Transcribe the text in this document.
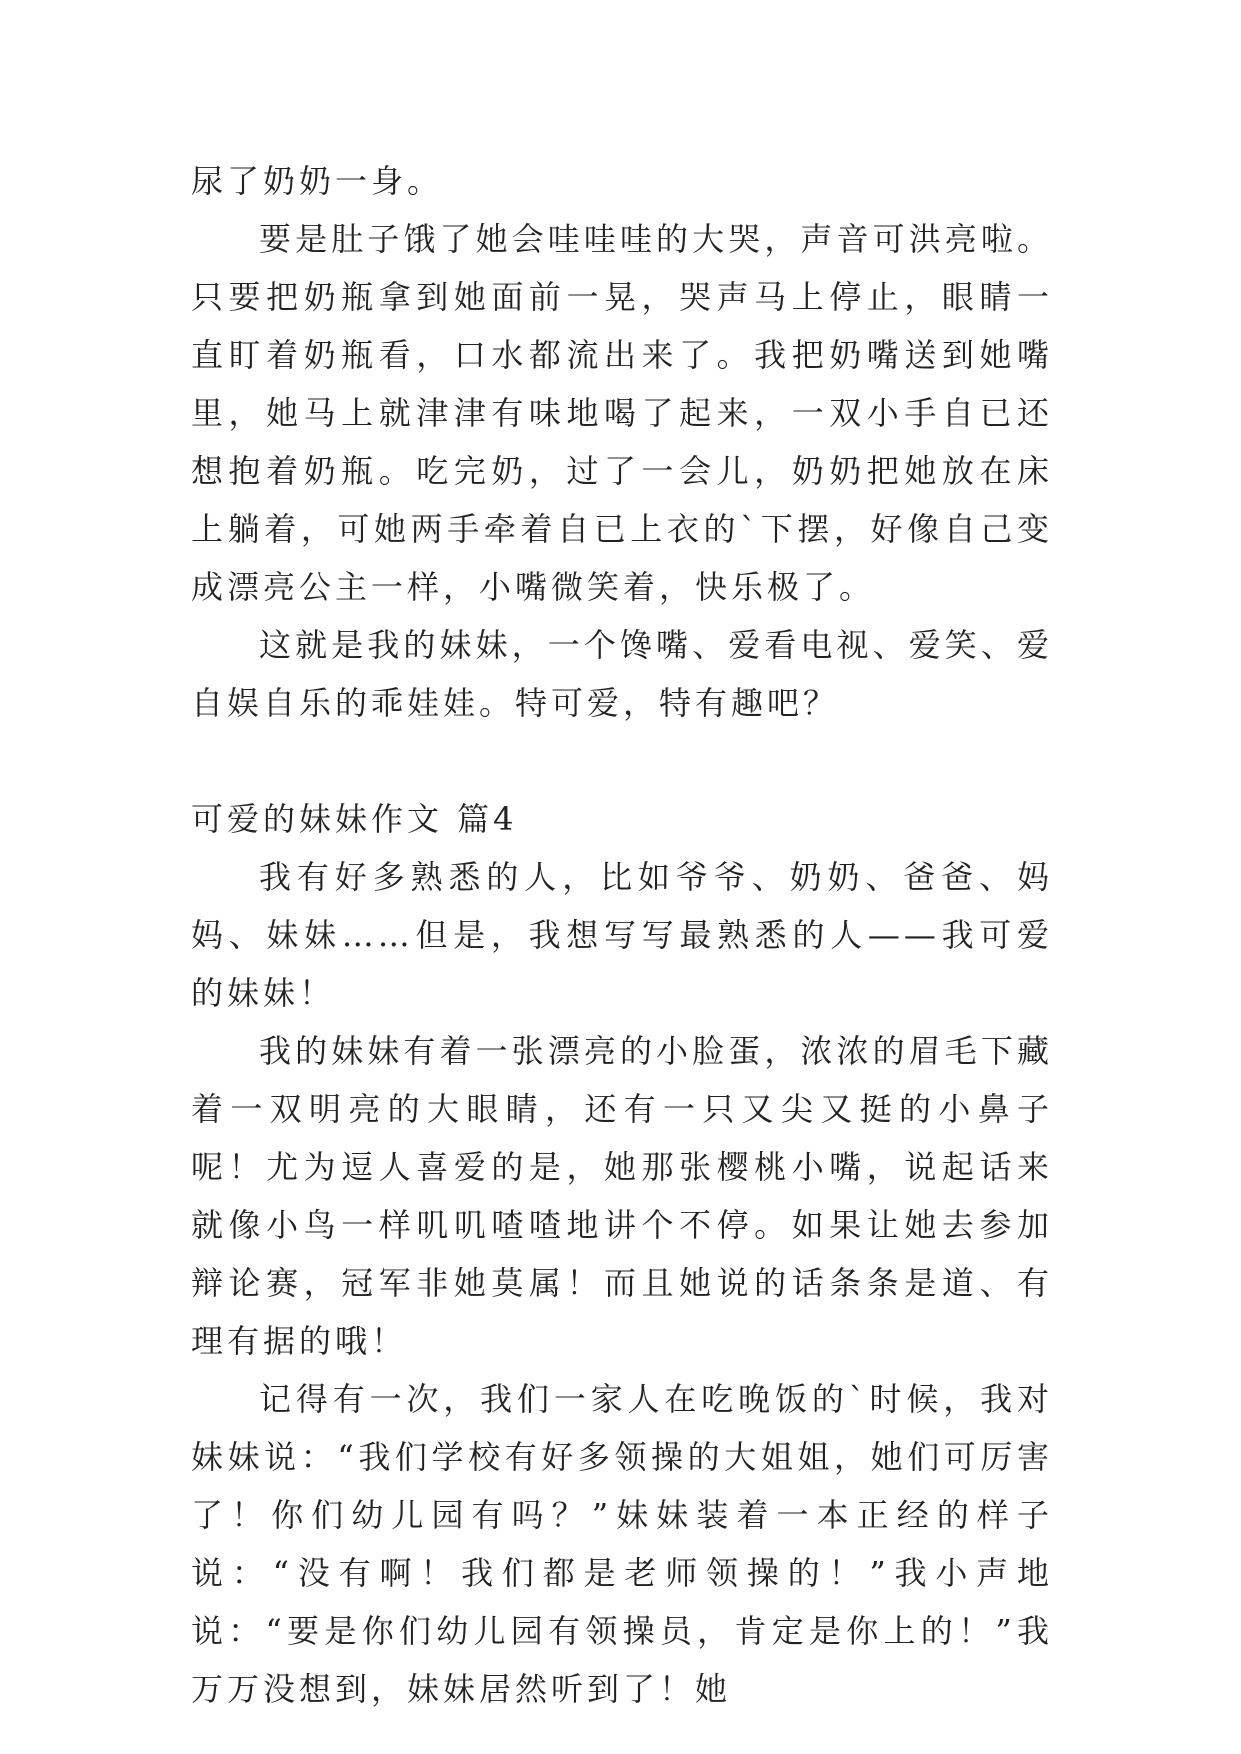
尿了奶奶一身。

要是肚子饿了她会哇哇哇的大哭，声音可洪亮啦。只要把奶瓶拿到她面前一晃，哭声马上停止，眼睛一直盯着奶瓶看，口水都流出来了。我把奶嘴送到她嘴里，她马上就津津有味地喝了起来，一双小手自已还想抱着奶瓶。吃完奶，过了一会儿，奶奶把她放在床上躺着，可她两手牵着自已上衣的`下摆，好像自己变成漂亮公主一样，小嘴微笑着，快乐极了。

这就是我的妹妹，一个馋嘴、爱看电视、爱笑、爱自娱自乐的乖娃娃。特可爱，特有趣吧？

可爱的妹妹作文 篇4

我有好多熟悉的人，比如爷爷、奶奶、爸爸、妈妈、妹妹……但是，我想写写最熟悉的人——我可爱的妹妹！

我的妹妹有着一张漂亮的小脸蛋，浓浓的眉毛下藏着一双明亮的大眼睛，还有一只又尖又挺的小鼻子呢！尤为逗人喜爱的是，她那张樱桃小嘴，说起话来就像小鸟一样叽叽喳喳地讲个不停。如果让她去参加辩论赛，冠军非她莫属！而且她说的话条条是道、有理有据的哦！

记得有一次，我们一家人在吃晚饭的`时候，我对妹妹说：“我们学校有好多领操的大姐姐，她们可厉害了！你们幼儿园有吗？”妹妹装着一本正经的样子说：“没有啊！我们都是老师领操的！”我小声地说：“要是你们幼儿园有领操员，肯定是你上的！”我万万没想到，妹妹居然听到了！她
